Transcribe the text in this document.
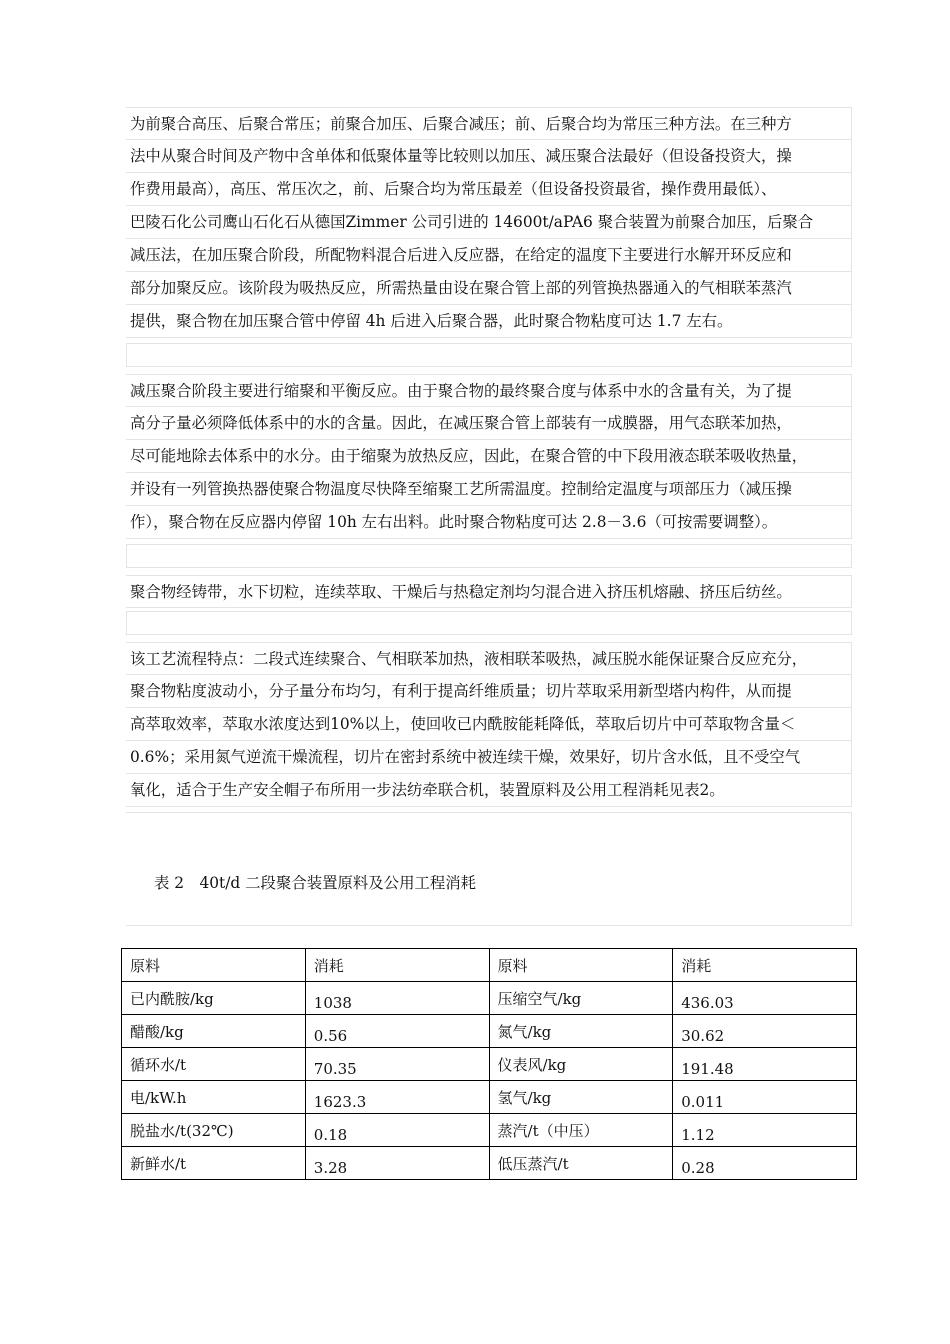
为前聚合高压、后聚合常压；前聚合加压、后聚合减压；前、后聚合均为常压三种方法。在三种方
法中从聚合时间及产物中含单体和低聚体量等比较则以加压、减压聚合法最好（但设备投资大，操
作费用最高），高压、常压次之，前、后聚合均为常压最差（但设备投资最省，操作费用最低）、
巴陵石化公司鹰山石化石从德国Zimmer 公司引进的 14600t/aPA6 聚合装置为前聚合加压，后聚合
减压法，在加压聚合阶段，所配物料混合后进入反应器，在给定的温度下主要进行水解开环反应和
部分加聚反应。该阶段为吸热反应，所需热量由设在聚合管上部的列管换热器通入的气相联苯蒸汽
提供，聚合物在加压聚合管中停留 4h 后进入后聚合器，此时聚合物粘度可达 1.7 左右。
减压聚合阶段主要进行缩聚和平衡反应。由于聚合物的最终聚合度与体系中水的含量有关，为了提
高分子量必须降低体系中的水的含量。因此，在减压聚合管上部装有一成膜器，用气态联苯加热，
尽可能地除去体系中的水分。由于缩聚为放热反应，因此，在聚合管的中下段用液态联苯吸收热量，
并设有一列管换热器使聚合物温度尽快降至缩聚工艺所需温度。控制给定温度与项部压力（减压操
作），聚合物在反应器内停留 10h 左右出料。此时聚合物粘度可达 2.8－3.6（可按需要调整）。
聚合物经铸带，水下切粒，连续萃取、干燥后与热稳定剂均匀混合进入挤压机熔融、挤压后纺丝。
该工艺流程特点：二段式连续聚合、气相联苯加热，液相联苯吸热，减压脱水能保证聚合反应充分，
聚合物粘度波动小，分子量分布均匀，有利于提高纤维质量；切片萃取采用新型塔内构件，从而提
高萃取效率，萃取水浓度达到10%以上，使回收已内酰胺能耗降低，萃取后切片中可萃取物含量＜
0.6%；采用氮气逆流干燥流程，切片在密封系统中被连续干燥，效果好，切片含水低，且不受空气
氧化，适合于生产安全帽子布所用一步法纺牵联合机，装置原料及公用工程消耗见表2。
表 2　40t/d 二段聚合装置原料及公用工程消耗
原料	消耗	原料	消耗
已内酰胺/kg	1038	压缩空气/kg	436.03
醋酸/kg	0.56	氮气/kg	30.62
循环水/t	70.35	仪表风/kg	191.48
电/kW.h	1623.3	氢气/kg	0.011
脱盐水/t(32℃)	0.18	蒸汽/t（中压）	1.12
新鲜水/t	3.28	低压蒸汽/t	0.28
